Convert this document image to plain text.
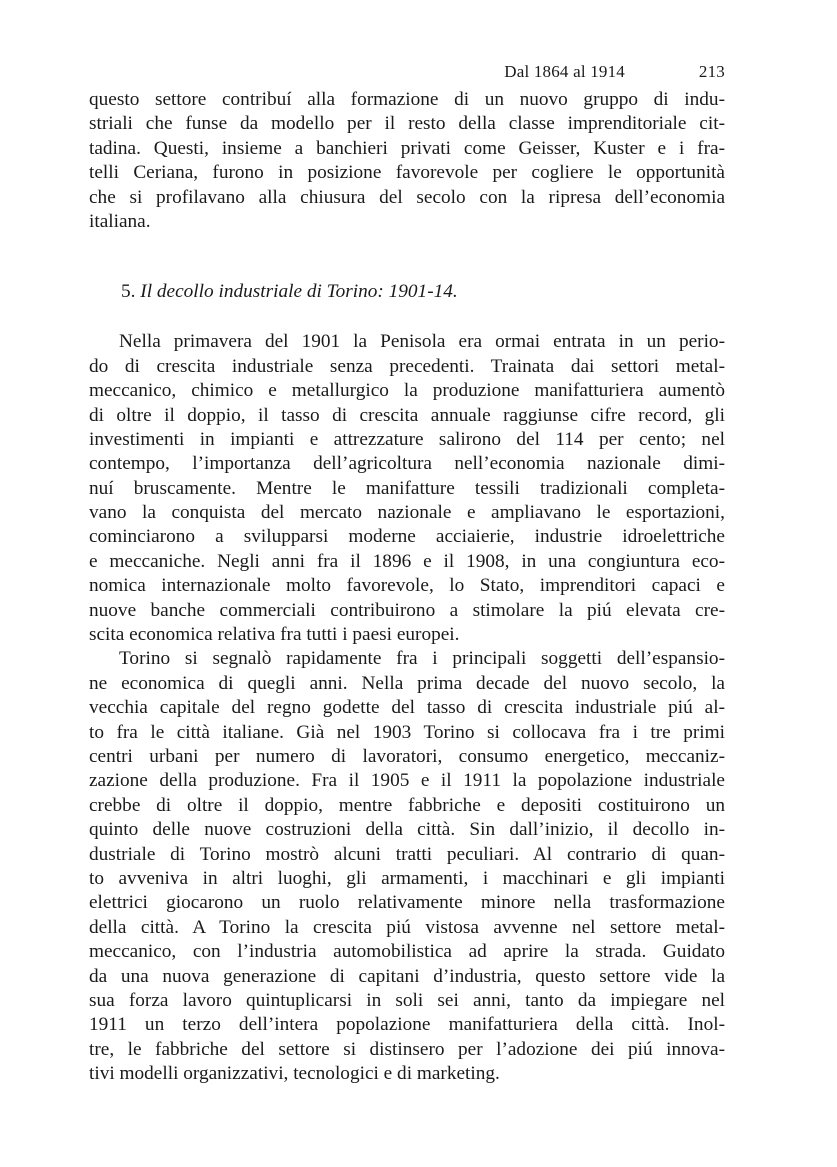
Dal 1864 al 1914	213

questo settore contribuí alla formazione di un nuovo gruppo di indu-
striali che funse da modello per il resto della classe imprenditoriale cit-
tadina. Questi, insieme a banchieri privati come Geisser, Kuster e i fra-
telli Ceriana, furono in posizione favorevole per cogliere le opportunità
che si profilavano alla chiusura del secolo con la ripresa dell’economia
italiana.

5. Il decollo industriale di Torino: 1901-14.

Nella primavera del 1901 la Penisola era ormai entrata in un perio-
do di crescita industriale senza precedenti. Trainata dai settori metal-
meccanico, chimico e metallurgico la produzione manifatturiera aumentò
di oltre il doppio, il tasso di crescita annuale raggiunse cifre record, gli
investimenti in impianti e attrezzature salirono del 114 per cento; nel
contempo, l’importanza dell’agricoltura nell’economia nazionale dimi-
nuí bruscamente. Mentre le manifatture tessili tradizionali completa-
vano la conquista del mercato nazionale e ampliavano le esportazioni,
cominciarono a svilupparsi moderne acciaierie, industrie idroelettriche
e meccaniche. Negli anni fra il 1896 e il 1908, in una congiuntura eco-
nomica internazionale molto favorevole, lo Stato, imprenditori capaci e
nuove banche commerciali contribuirono a stimolare la piú elevata cre-
scita economica relativa fra tutti i paesi europei.

Torino si segnalò rapidamente fra i principali soggetti dell’espansio-
ne economica di quegli anni. Nella prima decade del nuovo secolo, la
vecchia capitale del regno godette del tasso di crescita industriale piú al-
to fra le città italiane. Già nel 1903 Torino si collocava fra i tre primi
centri urbani per numero di lavoratori, consumo energetico, meccaniz-
zazione della produzione. Fra il 1905 e il 1911 la popolazione industriale
crebbe di oltre il doppio, mentre fabbriche e depositi costituirono un
quinto delle nuove costruzioni della città. Sin dall’inizio, il decollo in-
dustriale di Torino mostrò alcuni tratti peculiari. Al contrario di quan-
to avveniva in altri luoghi, gli armamenti, i macchinari e gli impianti
elettrici giocarono un ruolo relativamente minore nella trasformazione
della città. A Torino la crescita piú vistosa avvenne nel settore metal-
meccanico, con l’industria automobilistica ad aprire la strada. Guidato
da una nuova generazione di capitani d’industria, questo settore vide la
sua forza lavoro quintuplicarsi in soli sei anni, tanto da impiegare nel
1911 un terzo dell’intera popolazione manifatturiera della città. Inol-
tre, le fabbriche del settore si distinsero per l’adozione dei piú innova-
tivi modelli organizzativi, tecnologici e di marketing.
